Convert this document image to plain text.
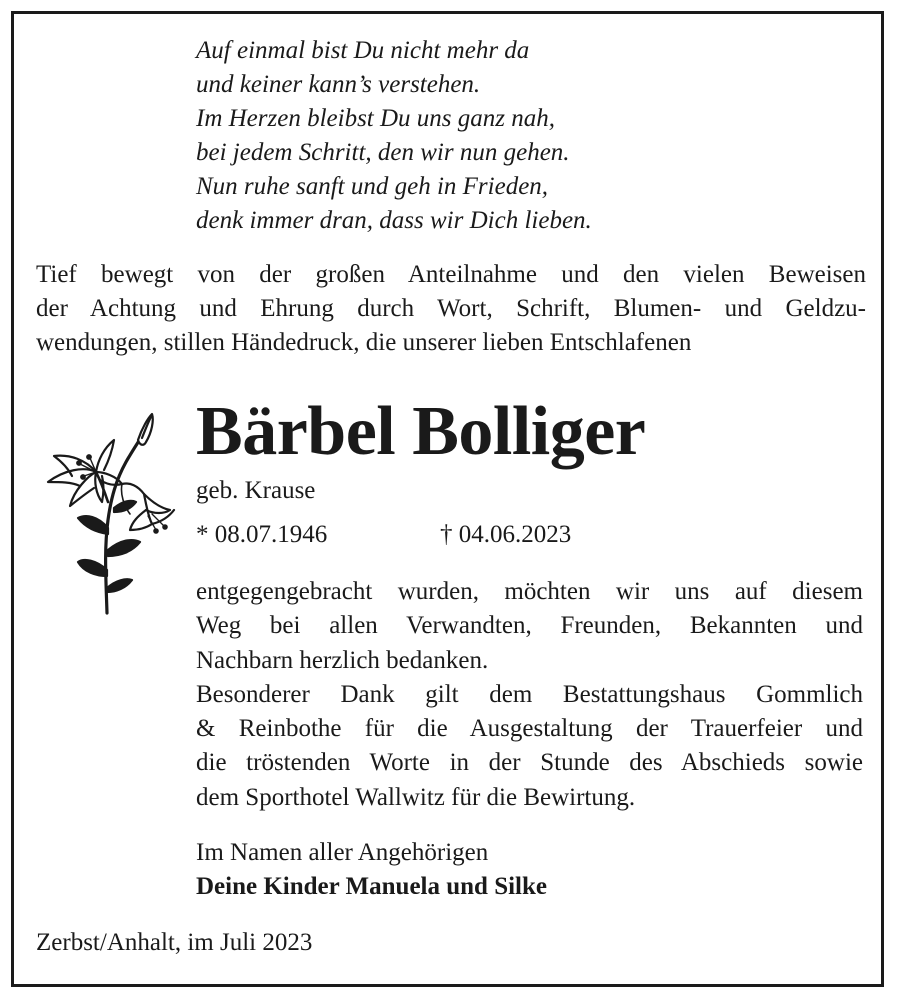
Auf einmal bist Du nicht mehr da
und keiner kann’s verstehen.
Im Herzen bleibst Du uns ganz nah,
bei jedem Schritt, den wir nun gehen.
Nun ruhe sanft und geh in Frieden,
denk immer dran, dass wir Dich lieben.
Tief bewegt von der großen Anteilnahme und den vielen Beweisen
der Achtung und Ehrung durch Wort, Schrift, Blumen- und Geldzu-
wendungen, stillen Händedruck, die unserer lieben Entschlafenen
Bärbel Bolliger
geb. Krause
* 08.07.1946	† 04.06.2023
entgegengebracht wurden, möchten wir uns auf diesem
Weg bei allen Verwandten, Freunden, Bekannten und
Nachbarn herzlich bedanken.
Besonderer Dank gilt dem Bestattungshaus Gommlich
& Reinbothe für die Ausgestaltung der Trauerfeier und
die tröstenden Worte in der Stunde des Abschieds sowie
dem Sporthotel Wallwitz für die Bewirtung.
Im Namen aller Angehörigen
Deine Kinder Manuela und Silke
Zerbst/Anhalt, im Juli 2023
